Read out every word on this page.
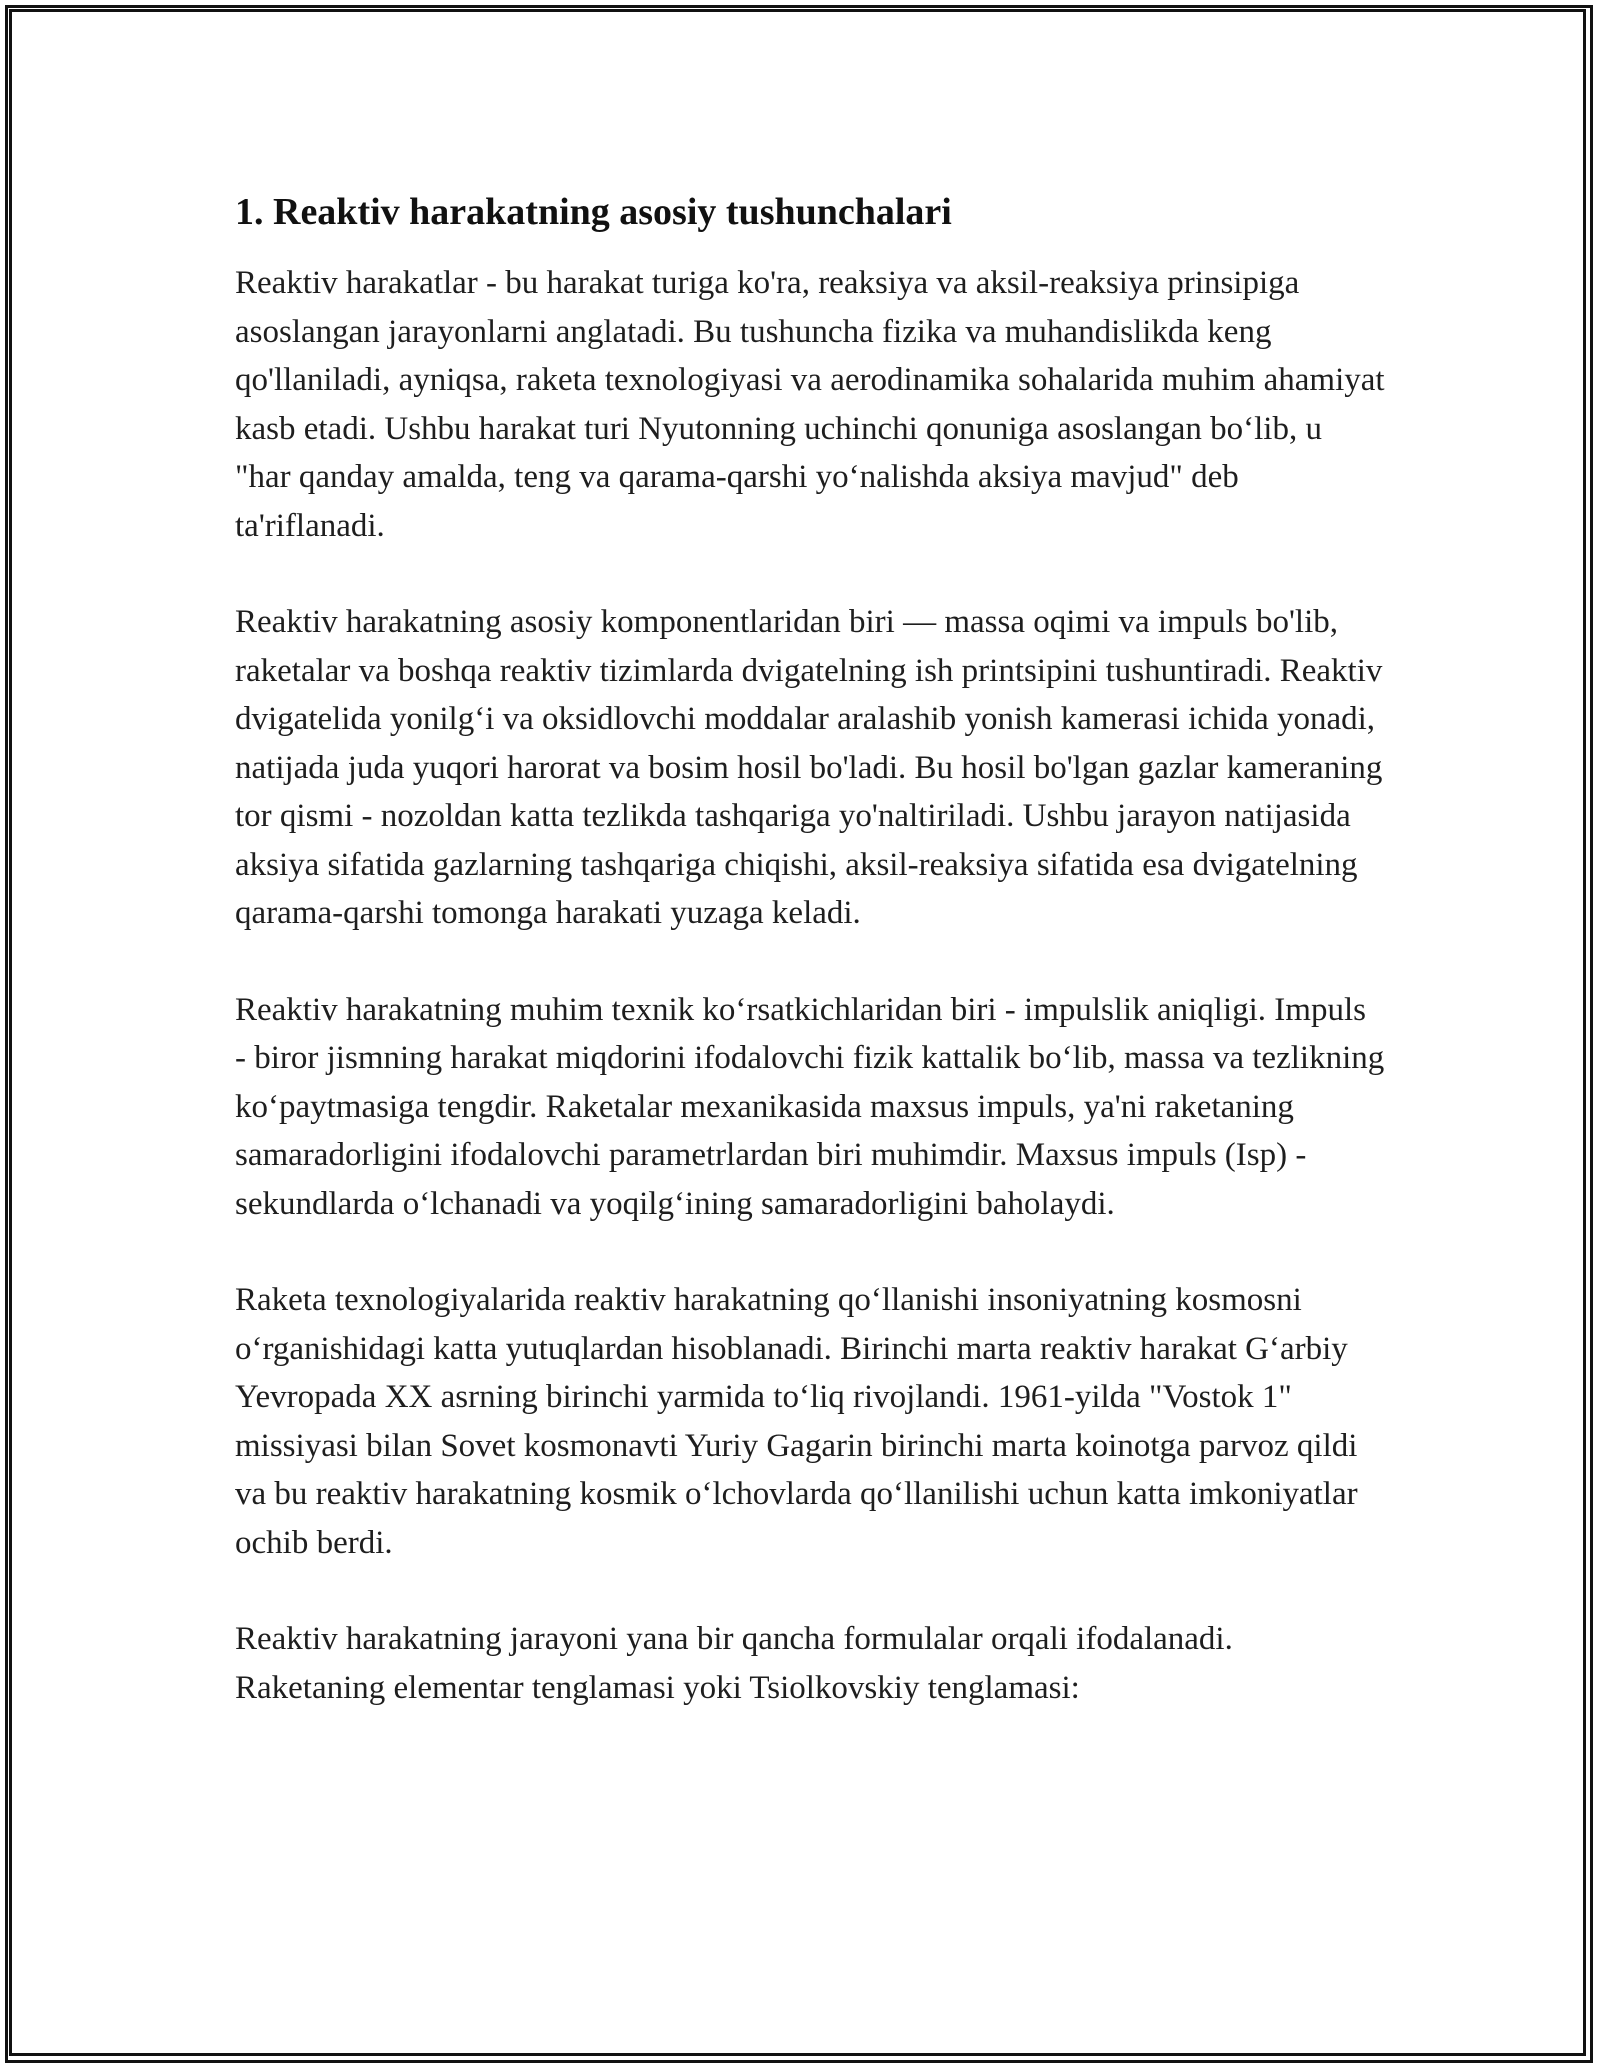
1. Reaktiv harakatning asosiy tushunchalari

Reaktiv harakatlar - bu harakat turiga ko'ra, reaksiya va aksil-reaksiya prinsipiga asoslangan jarayonlarni anglatadi. Bu tushuncha fizika va muhandislikda keng qo'llaniladi, ayniqsa, raketa texnologiyasi va aerodinamika sohalarida muhim ahamiyat kasb etadi. Ushbu harakat turi Nyutonning uchinchi qonuniga asoslangan boʻlib, u "har qanday amalda, teng va qarama-qarshi yoʻnalishda aksiya mavjud" deb ta'riflanadi.

Reaktiv harakatning asosiy komponentlaridan biri — massa oqimi va impuls bo'lib, raketalar va boshqa reaktiv tizimlarda dvigatelning ish printsipini tushuntiradi. Reaktiv dvigatelida yonilgʻi va oksidlovchi moddalar aralashib yonish kamerasi ichida yonadi, natijada juda yuqori harorat va bosim hosil bo'ladi. Bu hosil bo'lgan gazlar kameraning tor qismi - nozoldan katta tezlikda tashqariga yo'naltiriladi. Ushbu jarayon natijasida aksiya sifatida gazlarning tashqariga chiqishi, aksil-reaksiya sifatida esa dvigatelning qarama-qarshi tomonga harakati yuzaga keladi.

Reaktiv harakatning muhim texnik koʻrsatkichlaridan biri - impulslik aniqligi. Impuls - biror jismning harakat miqdorini ifodalovchi fizik kattalik boʻlib, massa va tezlikning koʻpaytmasiga tengdir. Raketalar mexanikasida maxsus impuls, ya'ni raketaning samaradorligini ifodalovchi parametrlardan biri muhimdir. Maxsus impuls (Isp) - sekundlarda oʻlchanadi va yoqilgʻining samaradorligini baholaydi.

Raketa texnologiyalarida reaktiv harakatning qoʻllanishi insoniyatning kosmosni oʻrganishidagi katta yutuqlardan hisoblanadi. Birinchi marta reaktiv harakat Gʻarbiy Yevropada XX asrning birinchi yarmida toʻliq rivojlandi. 1961-yilda "Vostok 1" missiyasi bilan Sovet kosmonavti Yuriy Gagarin birinchi marta koinotga parvoz qildi va bu reaktiv harakatning kosmik oʻlchovlarda qoʻllanilishi uchun katta imkoniyatlar ochib berdi.

Reaktiv harakatning jarayoni yana bir qancha formulalar orqali ifodalanadi. Raketaning elementar tenglamasi yoki Tsiolkovskiy tenglamasi:
